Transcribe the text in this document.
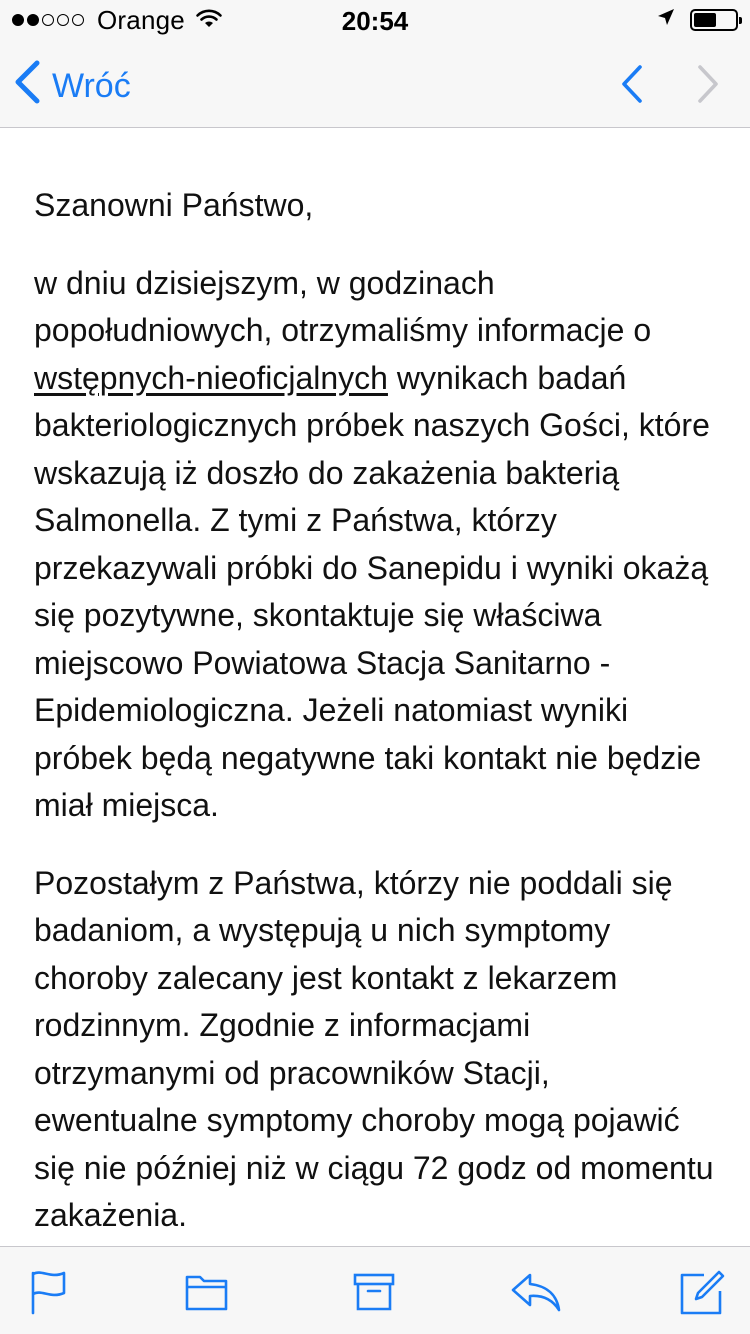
Orange	20:54
Wróć

Szanowni Państwo,

w dniu dzisiejszym, w godzinach popołudniowych, otrzymaliśmy informacje o wstępnych-nieoficjalnych wynikach badań bakteriologicznych próbek naszych Gości, które wskazują iż doszło do zakażenia bakterią Salmonella. Z tymi z Państwa, którzy przekazywali próbki do Sanepidu i wyniki okażą się pozytywne, skontaktuje się właściwa miejscowo Powiatowa Stacja Sanitarno - Epidemiologiczna. Jeżeli natomiast wyniki próbek będą negatywne taki kontakt nie będzie miał miejsca.

Pozostałym z Państwa, którzy nie poddali się badaniom, a występują u nich symptomy choroby zalecany jest kontakt z lekarzem rodzinnym. Zgodnie z informacjami otrzymanymi od pracowników Stacji, ewentualne symptomy choroby mogą pojawić się nie później niż w ciągu 72 godz od momentu zakażenia.
